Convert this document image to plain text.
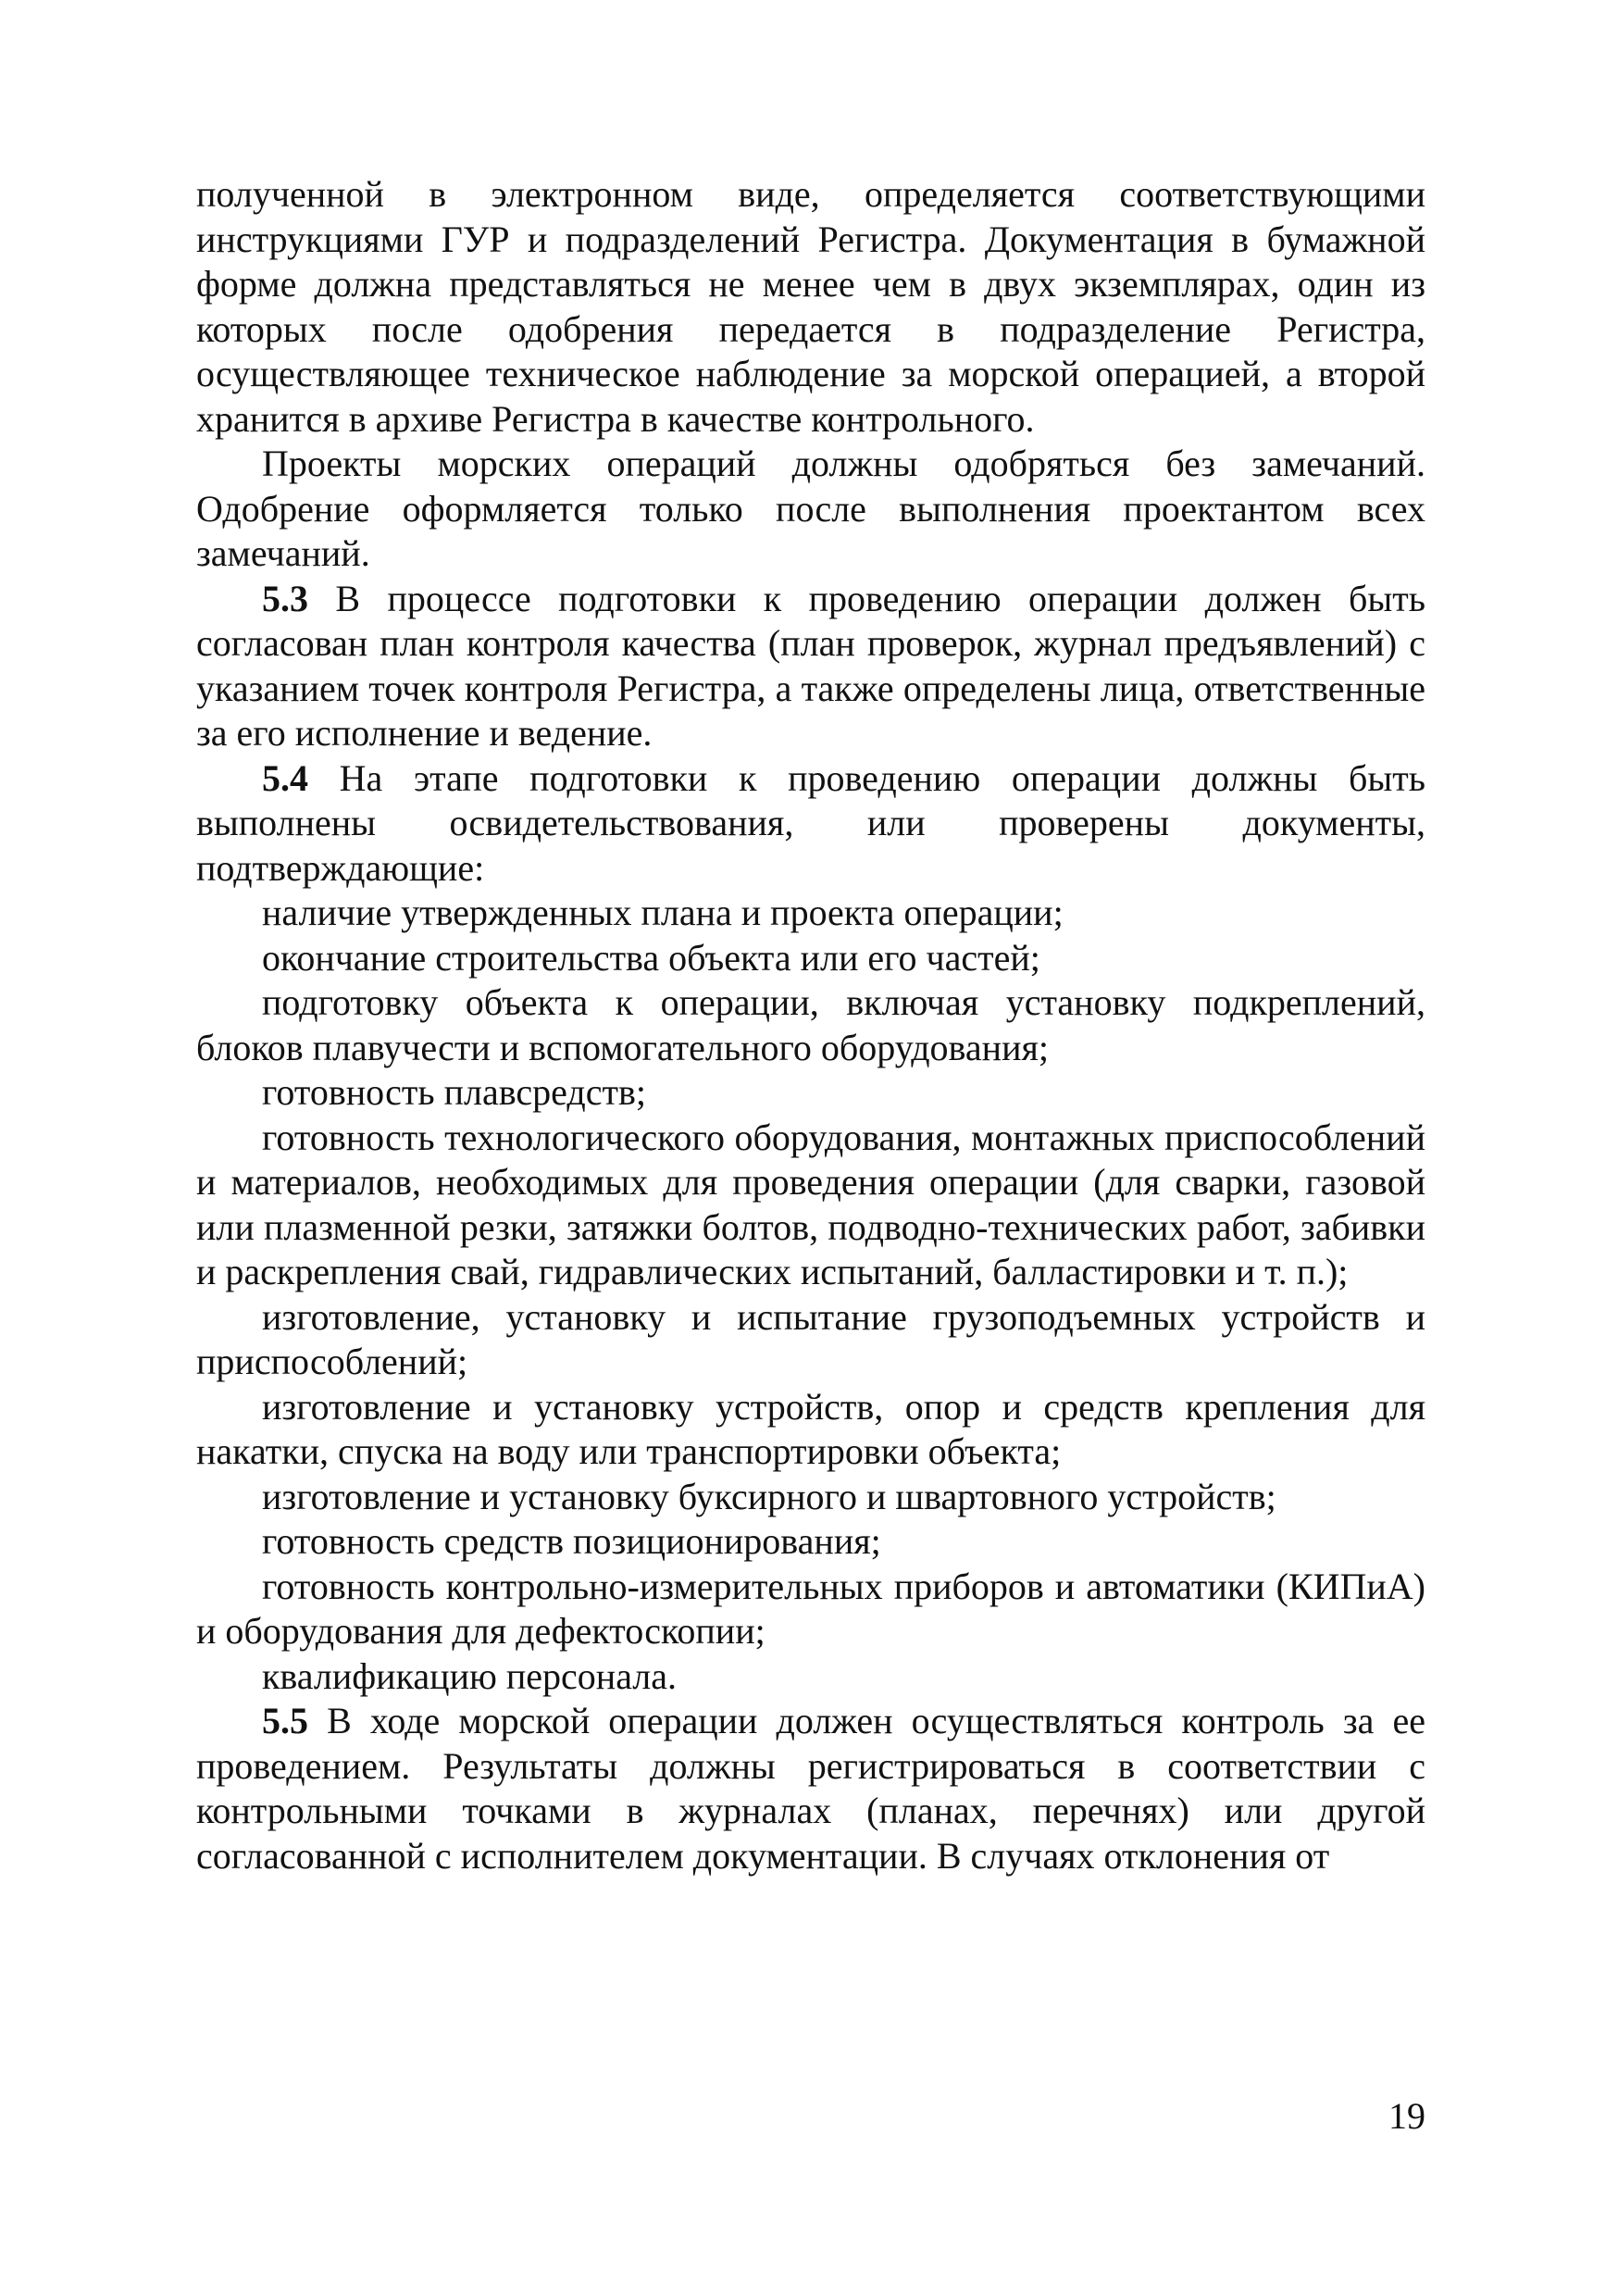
полученной в электронном виде, определяется соответствующими инструкциями ГУР и подразделений Регистра. Документация в бумажной форме должна представляться не менее чем в двух экземплярах, один из которых после одобрения передается в подразделение Регистра, осуществляющее техническое наблюдение за морской операцией, а второй хранится в архиве Регистра в качестве контрольного.

Проекты морских операций должны одобряться без замечаний. Одобрение оформляется только после выполнения проектантом всех замечаний.

5.3 В процессе подготовки к проведению операции должен быть согласован план контроля качества (план проверок, журнал предъявлений) с указанием точек контроля Регистра, а также определены лица, ответственные за его исполнение и ведение.

5.4 На этапе подготовки к проведению операции должны быть выполнены освидетельствования, или проверены документы, подтверждающие:

наличие утвержденных плана и проекта операции;

окончание строительства объекта или его частей;

подготовку объекта к операции, включая установку подкреплений, блоков плавучести и вспомогательного оборудования;

готовность плавсредств;

готовность технологического оборудования, монтажных приспособлений и материалов, необходимых для проведения операции (для сварки, газовой или плазменной резки, затяжки болтов, подводно-технических работ, забивки и раскрепления свай, гидравлических испытаний, балластировки и т. п.);

изготовление, установку и испытание грузоподъемных устройств и приспособлений;

изготовление и установку устройств, опор и средств крепления для накатки, спуска на воду или транспортировки объекта;

изготовление и установку буксирного и швартовного устройств;

готовность средств позиционирования;

готовность контрольно-измерительных приборов и автоматики (КИПиА) и оборудования для дефектоскопии;

квалификацию персонала.

5.5 В ходе морской операции должен осуществляться контроль за ее проведением. Результаты должны регистрироваться в соответствии с контрольными точками в журналах (планах, перечнях) или другой согласованной с исполнителем документации. В случаях отклонения от

19
